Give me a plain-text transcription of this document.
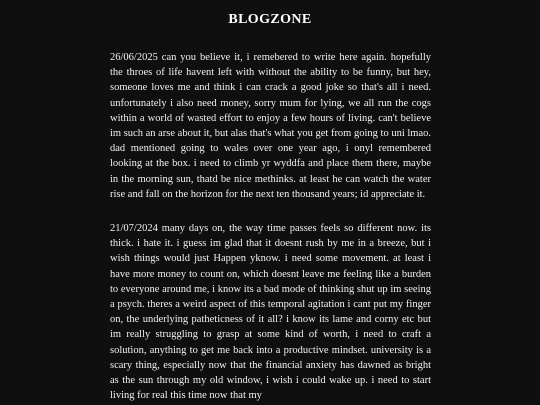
BLOGZONE

26/06/2025 can you believe it, i remebered to write here again. hopefully the throes of life havent left with without the ability to be funny, but hey, someone loves me and think i can crack a good joke so that's all i need. unfortunately i also need money, sorry mum for lying, we all run the cogs within a world of wasted effort to enjoy a few hours of living. can't believe im such an arse about it, but alas that's what you get from going to uni lmao. dad mentioned going to wales over one year ago, i onyl remembered looking at the box. i need to climb yr wyddfa and place them there, maybe in the morning sun, thatd be nice methinks. at least he can watch the water rise and fall on the horizon for the next ten thousand years; id appreciate it.

21/07/2024 many days on, the way time passes feels so different now. its thick. i hate it. i guess im glad that it doesnt rush by me in a breeze, but i wish things would just Happen yknow. i need some movement. at least i have more money to count on, which doesnt leave me feeling like a burden to everyone around me, i know its a bad mode of thinking shut up im seeing a psych. theres a weird aspect of this temporal agitation i cant put my finger on, the underlying patheticness of it all? i know its lame and corny etc but im really struggling to grasp at some kind of worth, i need to craft a solution, anything to get me back into a productive mindset. university is a scary thing, especially now that the financial anxiety has dawned as bright as the sun through my old window, i wish i could wake up. i need to start living for real this time now that my
